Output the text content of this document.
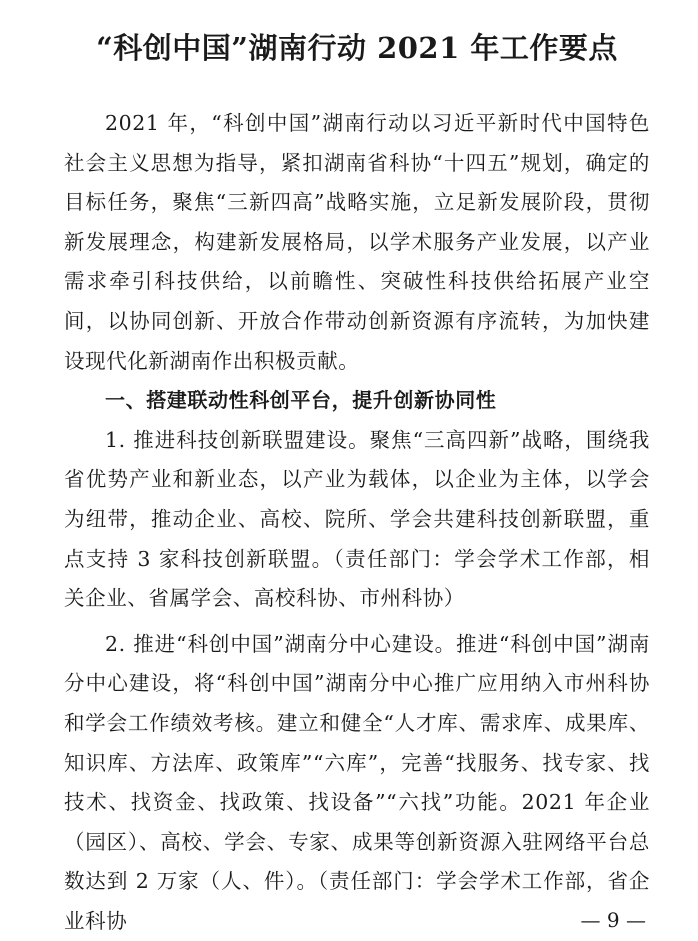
“科创中国”湖南行动 2021 年工作要点

2021 年，“科创中国”湖南行动以习近平新时代中国特色社会主义思想为指导，紧扣湖南省科协“十四五”规划，确定的目标任务，聚焦“三新四高”战略实施，立足新发展阶段，贯彻新发展理念，构建新发展格局，以学术服务产业发展，以产业需求牵引科技供给，以前瞻性、突破性科技供给拓展产业空间，以协同创新、开放合作带动创新资源有序流转，为加快建设现代化新湖南作出积极贡献。

一、搭建联动性科创平台，提升创新协同性

1. 推进科技创新联盟建设。聚焦“三高四新”战略，围绕我省优势产业和新业态，以产业为载体，以企业为主体，以学会为纽带，推动企业、高校、院所、学会共建科技创新联盟，重点支持 3 家科技创新联盟。（责任部门：学会学术工作部，相关企业、省属学会、高校科协、市州科协）

2. 推进“科创中国”湖南分中心建设。推进“科创中国”湖南分中心建设，将“科创中国”湖南分中心推广应用纳入市州科协和学会工作绩效考核。建立和健全“人才库、需求库、成果库、知识库、方法库、政策库”“六库”，完善“找服务、找专家、找技术、找资金、找政策、找设备”“六找”功能。2021 年企业（园区）、高校、学会、专家、成果等创新资源入驻网络平台总数达到 2 万家（人、件）。（责任部门：学会学术工作部，省企业科协	— 9 —
